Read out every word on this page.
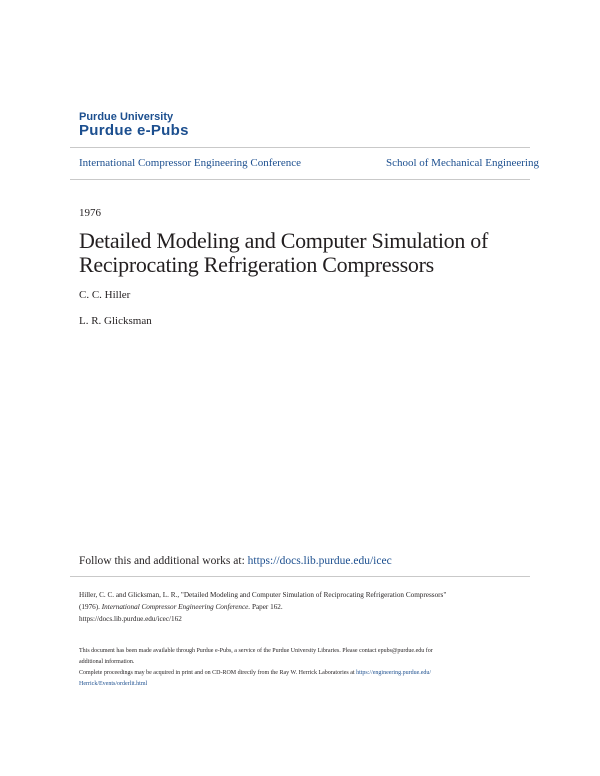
Purdue University
Purdue e-Pubs
International Compressor Engineering Conference	School of Mechanical Engineering
1976
Detailed Modeling and Computer Simulation of
Reciprocating Refrigeration Compressors
C. C. Hiller
L. R. Glicksman
Follow this and additional works at: https://docs.lib.purdue.edu/icec
Hiller, C. C. and Glicksman, L. R., "Detailed Modeling and Computer Simulation of Reciprocating Refrigeration Compressors"
(1976). International Compressor Engineering Conference. Paper 162.
https://docs.lib.purdue.edu/icec/162
This document has been made available through Purdue e-Pubs, a service of the Purdue University Libraries. Please contact epubs@purdue.edu for
additional information.
Complete proceedings may be acquired in print and on CD-ROM directly from the Ray W. Herrick Laboratories at https://engineering.purdue.edu/
Herrick/Events/orderlit.html
